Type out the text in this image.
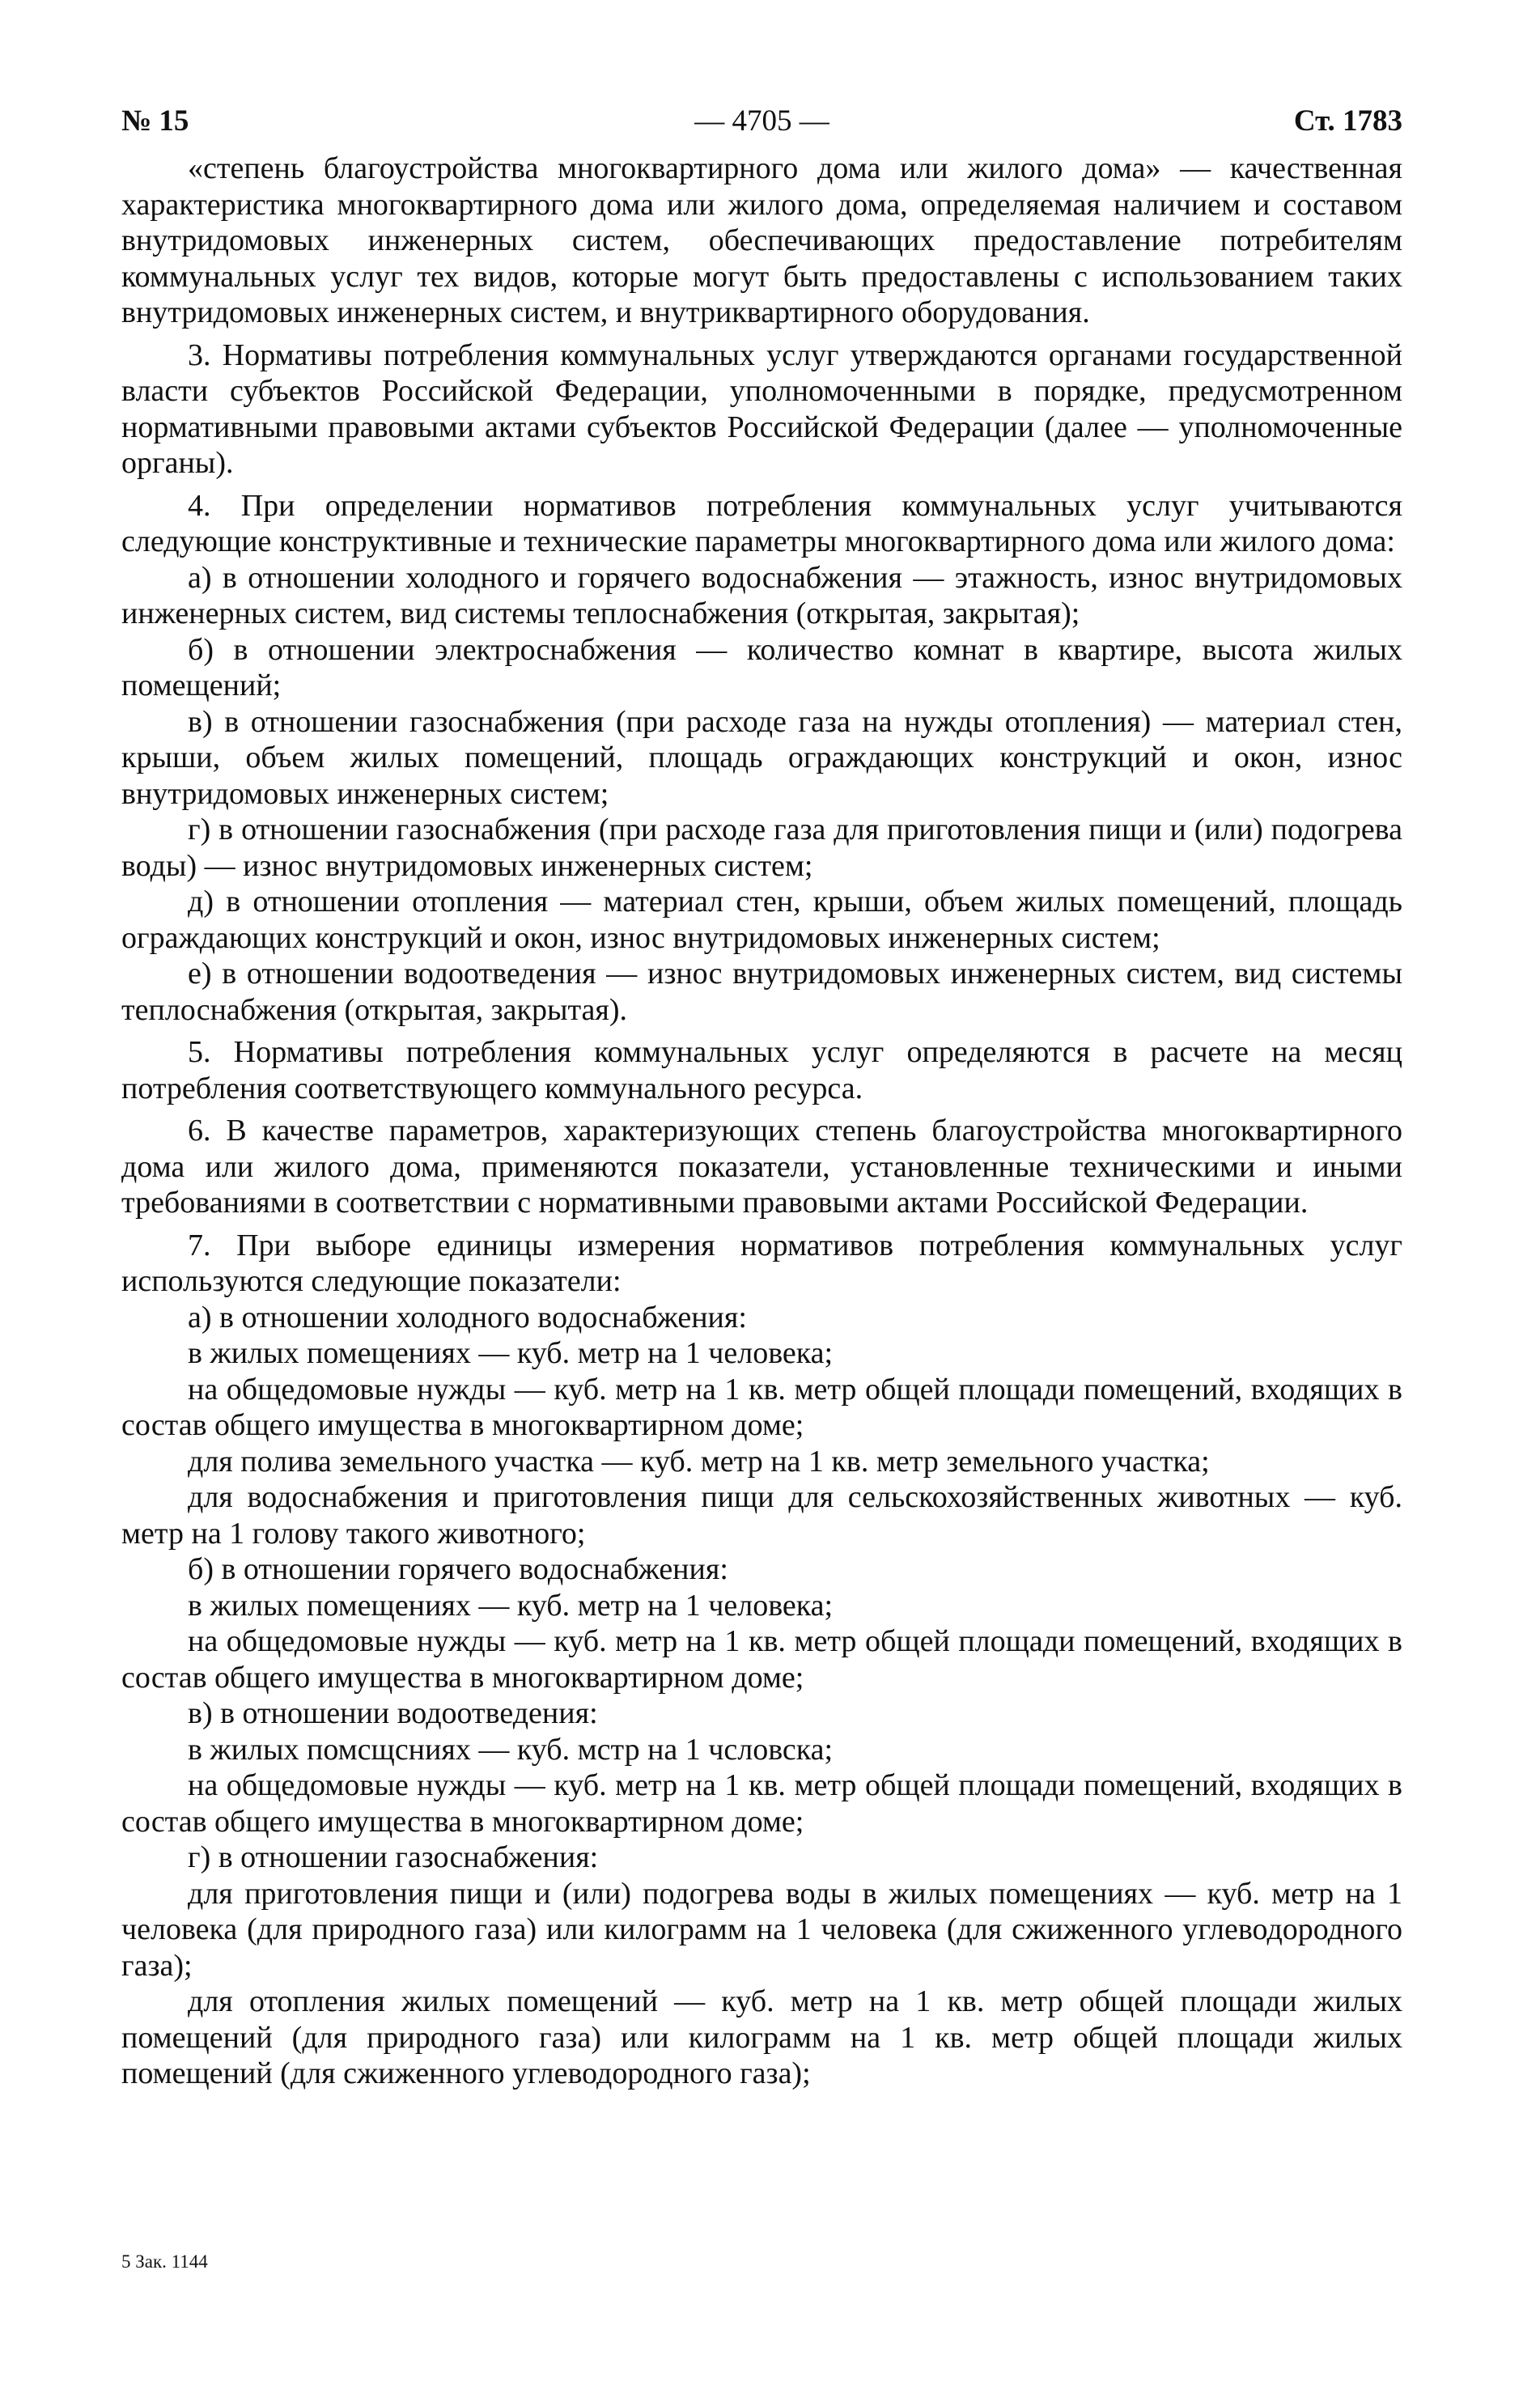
№ 15	— 4705 —	Ст. 1783

«степень благоустройства многоквартирного дома или жилого дома» — качественная характеристика многоквартирного дома или жилого дома, определяемая наличием и составом внутридомовых инженерных систем, обеспечивающих предоставление потребителям коммунальных услуг тех видов, которые могут быть предоставлены с использованием таких внутридомовых инженерных систем, и внутриквартирного оборудования.

3. Нормативы потребления коммунальных услуг утверждаются органами государственной власти субъектов Российской Федерации, уполномоченными в порядке, предусмотренном нормативными правовыми актами субъектов Российской Федерации (далее — уполномоченные органы).

4. При определении нормативов потребления коммунальных услуг учитываются следующие конструктивные и технические параметры многоквартирного дома или жилого дома:

а) в отношении холодного и горячего водоснабжения — этажность, износ внутридомовых инженерных систем, вид системы теплоснабжения (открытая, закрытая);

б) в отношении электроснабжения — количество комнат в квартире, высота жилых помещений;

в) в отношении газоснабжения (при расходе газа на нужды отопления) — материал стен, крыши, объем жилых помещений, площадь ограждающих конструкций и окон, износ внутридомовых инженерных систем;

г) в отношении газоснабжения (при расходе газа для приготовления пищи и (или) подогрева воды) — износ внутридомовых инженерных систем;

д) в отношении отопления — материал стен, крыши, объем жилых помещений, площадь ограждающих конструкций и окон, износ внутридомовых инженерных систем;

е) в отношении водоотведения — износ внутридомовых инженерных систем, вид системы теплоснабжения (открытая, закрытая).

5. Нормативы потребления коммунальных услуг определяются в расчете на месяц потребления соответствующего коммунального ресурса.

6. В качестве параметров, характеризующих степень благоустройства многоквартирного дома или жилого дома, применяются показатели, установленные техническими и иными требованиями в соответствии с нормативными правовыми актами Российской Федерации.

7. При выборе единицы измерения нормативов потребления коммунальных услуг используются следующие показатели:

а) в отношении холодного водоснабжения:

в жилых помещениях — куб. метр на 1 человека;

на общедомовые нужды — куб. метр на 1 кв. метр общей площади помещений, входящих в состав общего имущества в многоквартирном доме;

для полива земельного участка — куб. метр на 1 кв. метр земельного участка;

для водоснабжения и приготовления пищи для сельскохозяйственных животных — куб. метр на 1 голову такого животного;

б) в отношении горячего водоснабжения:

в жилых помещениях — куб. метр на 1 человека;

на общедомовые нужды — куб. метр на 1 кв. метр общей площади помещений, входящих в состав общего имущества в многоквартирном доме;

в) в отношении водоотведения:

в жилых помсщсниях — куб. мстр на 1 чсловска;

на общедомовые нужды — куб. метр на 1 кв. метр общей площади помещений, входящих в состав общего имущества в многоквартирном доме;

г) в отношении газоснабжения:

для приготовления пищи и (или) подогрева воды в жилых помещениях — куб. метр на 1 человека (для природного газа) или килограмм на 1 человека (для сжиженного углеводородного газа);

для отопления жилых помещений — куб. метр на 1 кв. метр общей площади жилых помещений (для природного газа) или килограмм на 1 кв. метр общей площади жилых помещений (для сжиженного углеводородного газа);

5 Зак. 1144
